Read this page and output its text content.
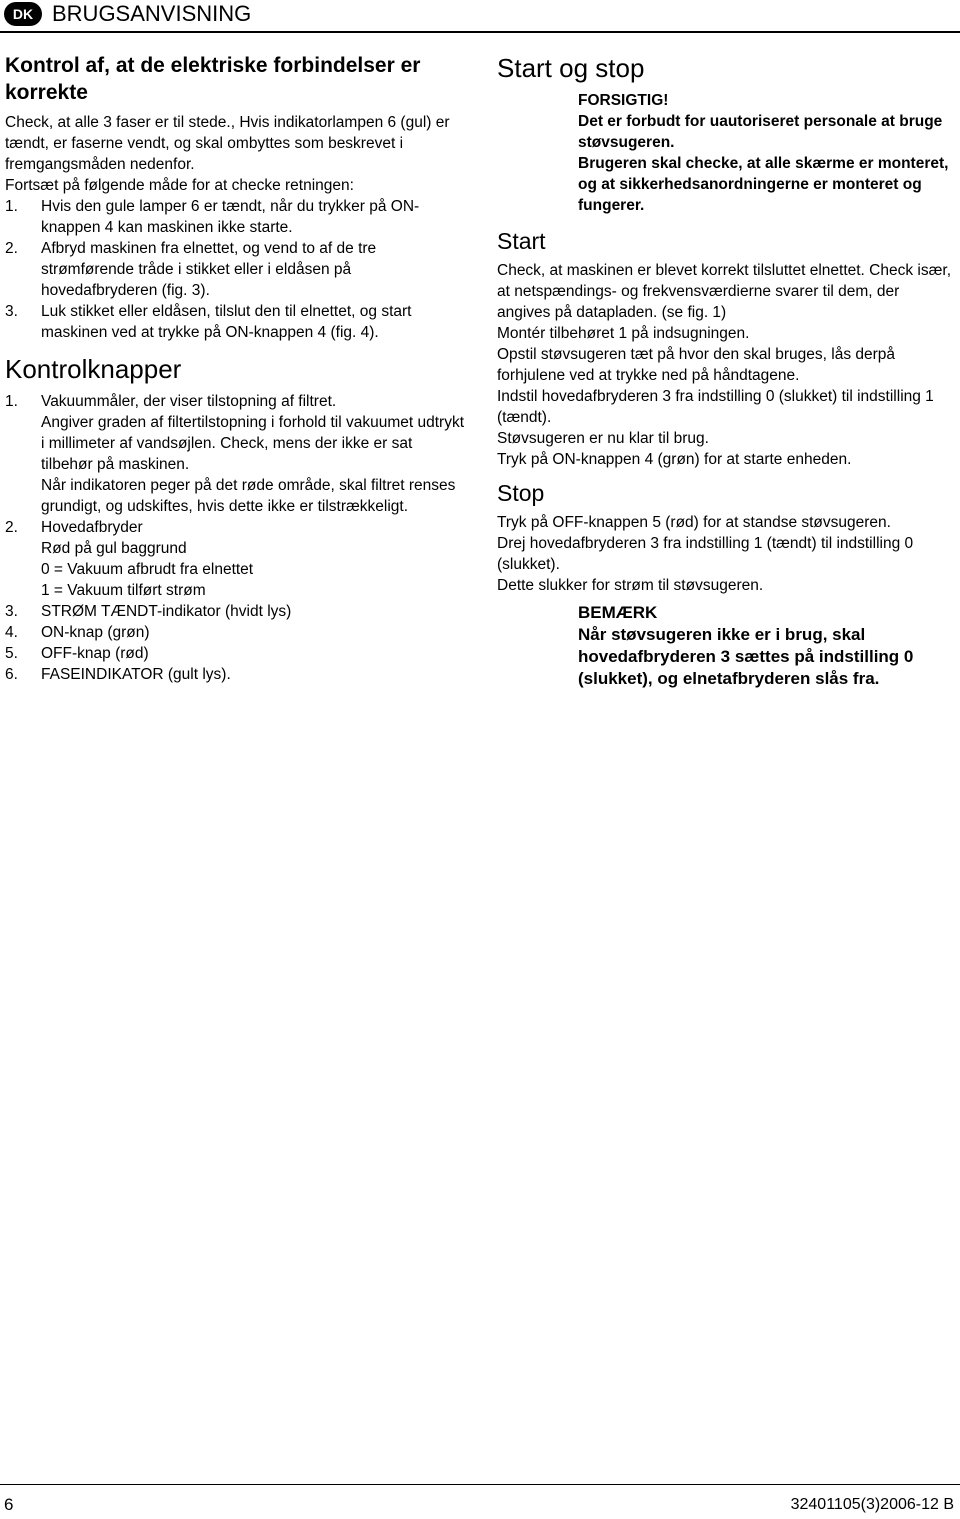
DK BRUGSANVISNING
Kontrol af, at de elektriske forbindelser er korrekte

Check, at alle 3 faser er til stede., Hvis indikatorlampen 6 (gul) er tændt, er faserne vendt, og skal ombyttes som beskrevet i fremgangsmåden nedenfor.

Fortsæt på følgende måde for at checke retningen:

1.	Hvis den gule lamper 6 er tændt, når du trykker på ON-knappen 4 kan maskinen ikke starte.
2.	Afbryd maskinen fra elnettet, og vend to af de tre strømførende tråde i stikket eller i eldåsen på hovedafbryderen (fig. 3).
3.	Luk stikket eller eldåsen, tilslut den til elnettet, og start maskinen ved at trykke på ON-knappen 4 (fig. 4).
Kontrolknapper
1.	Vakuummåler, der viser tilstopning af filtret.
Angiver graden af filtertilstopning i forhold til vakuumet udtrykt i millimeter af vandsøjlen. Check, mens der ikke er sat tilbehør på maskinen.
Når indikatoren peger på det røde område, skal filtret renses grundigt, og udskiftes, hvis dette ikke er tilstrækkeligt.
2.	Hovedafbryder
Rød på gul baggrund
0 = Vakuum afbrudt fra elnettet
1 = Vakuum tilført strøm
3.	STRØM TÆNDT-indikator (hvidt lys)
4.	ON-knap (grøn)
5.	OFF-knap (rød)
6.	FASEINDIKATOR (gult lys).
Start og stop

FORSIGTIG!

Det er forbudt for uautoriseret personale at bruge støvsugeren.

Brugeren skal checke, at alle skærme er monteret, og at sikkerhedsanordningerne er monteret og fungerer.

Start

Check, at maskinen er blevet korrekt tilsluttet elnettet. Check især, at netspændings- og frekvensværdierne svarer til dem, der angives på datapladen. (se fig. 1)

Montér tilbehøret 1 på indsugningen.

Opstil støvsugeren tæt på hvor den skal bruges, lås derpå forhjulene ved at trykke ned på håndtagene.

Indstil hovedafbryderen 3 fra indstilling 0 (slukket) til indstilling 1 (tændt).

Støvsugeren er nu klar til brug.

Tryk på ON-knappen 4 (grøn) for at starte enheden.

Stop

Tryk på OFF-knappen 5 (rød) for at standse støvsugeren.

Drej hovedafbryderen 3 fra indstilling 1 (tændt) til indstilling 0 (slukket).

Dette slukker for strøm til støvsugeren.

BEMÆRK
Når støvsugeren ikke er i brug, skal hovedafbryderen 3 sættes på indstilling 0 (slukket), og elnetafbryderen slås fra.
6	32401105(3)2006-12 B
